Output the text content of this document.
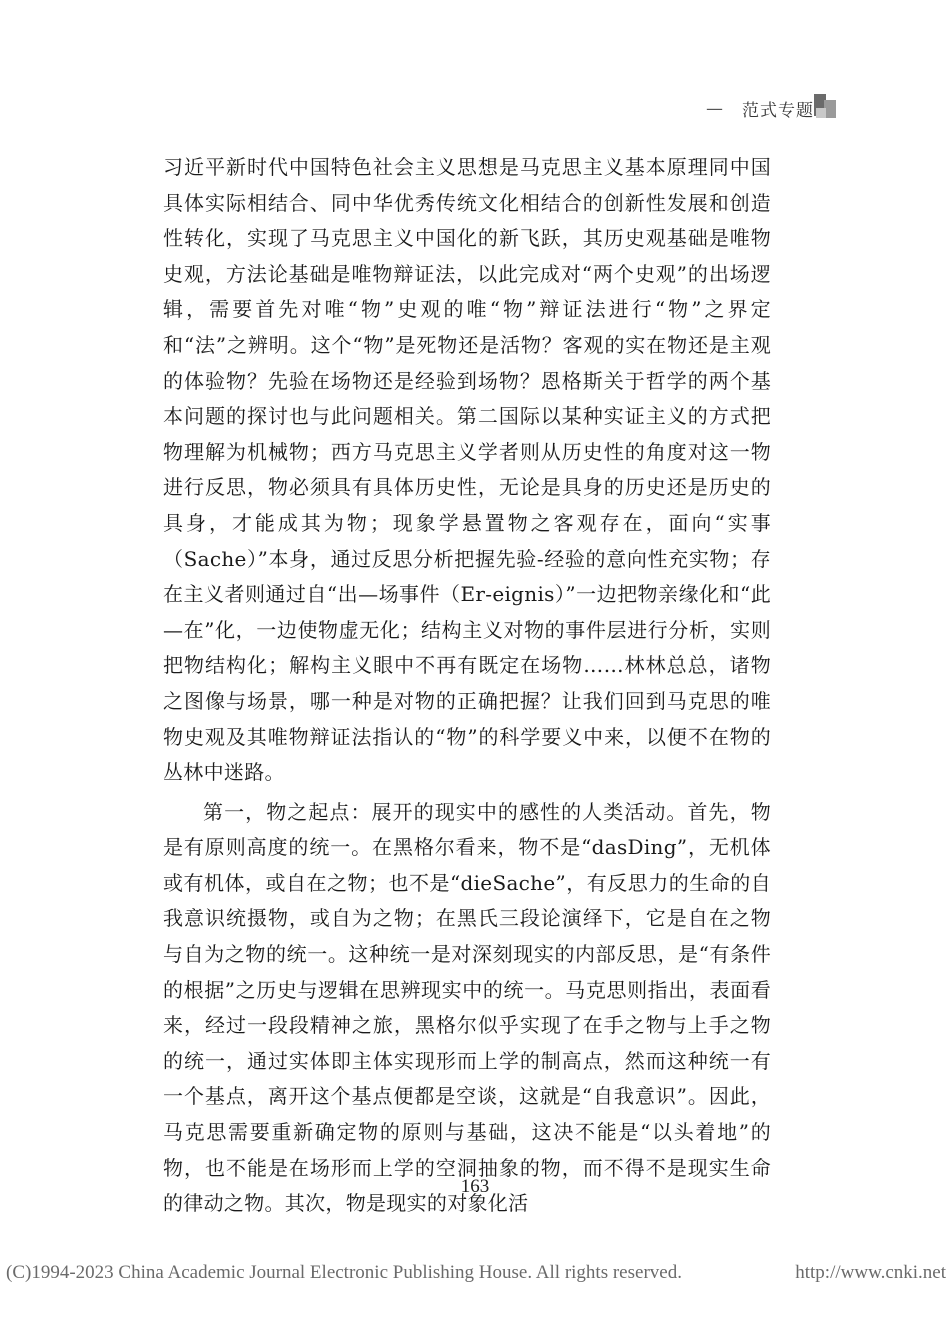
— 范式专题

习近平新时代中国特色社会主义思想是马克思主义基本原理同中国具体实际相结合、同中华优秀传统文化相结合的创新性发展和创造性转化，实现了马克思主义中国化的新飞跃，其历史观基础是唯物史观，方法论基础是唯物辩证法，以此完成对“两个史观”的出场逻辑，需要首先对唯“物”史观的唯“物”辩证法进行“物”之界定和“法”之辨明。这个“物”是死物还是活物？客观的实在物还是主观的体验物？先验在场物还是经验到场物？恩格斯关于哲学的两个基本问题的探讨也与此问题相关。第二国际以某种实证主义的方式把物理解为机械物；西方马克思主义学者则从历史性的角度对这一物进行反思，物必须具有具体历史性，无论是具身的历史还是历史的具身，才能成其为物；现象学悬置物之客观存在，面向“实事（Sache）”本身，通过反思分析把握先验-经验的意向性充实物；存在主义者则通过自“出—场事件（Er-eignis）”一边把物亲缘化和“此—在”化，一边使物虚无化；结构主义对物的事件层进行分析，实则把物结构化；解构主义眼中不再有既定在场物……林林总总，诸物之图像与场景，哪一种是对物的正确把握？让我们回到马克思的唯物史观及其唯物辩证法指认的“物”的科学要义中来，以便不在物的丛林中迷路。

第一，物之起点：展开的现实中的感性的人类活动。首先，物是有原则高度的统一。在黑格尔看来，物不是“dasDing”，无机体或有机体，或自在之物；也不是“dieSache”，有反思力的生命的自我意识统摄物，或自为之物；在黑氏三段论演绎下，它是自在之物与自为之物的统一。这种统一是对深刻现实的内部反思，是“有条件的根据”之历史与逻辑在思辨现实中的统一。马克思则指出，表面看来，经过一段段精神之旅，黑格尔似乎实现了在手之物与上手之物的统一，通过实体即主体实现形而上学的制高点，然而这种统一有一个基点，离开这个基点便都是空谈，这就是“自我意识”。因此，马克思需要重新确定物的原则与基础，这决不能是“以头着地”的物，也不能是在场形而上学的空洞抽象的物，而不得不是现实生命的律动之物。其次，物是现实的对象化活

163
(C)1994-2023 China Academic Journal Electronic Publishing House. All rights reserved.	http://www.cnki.net
